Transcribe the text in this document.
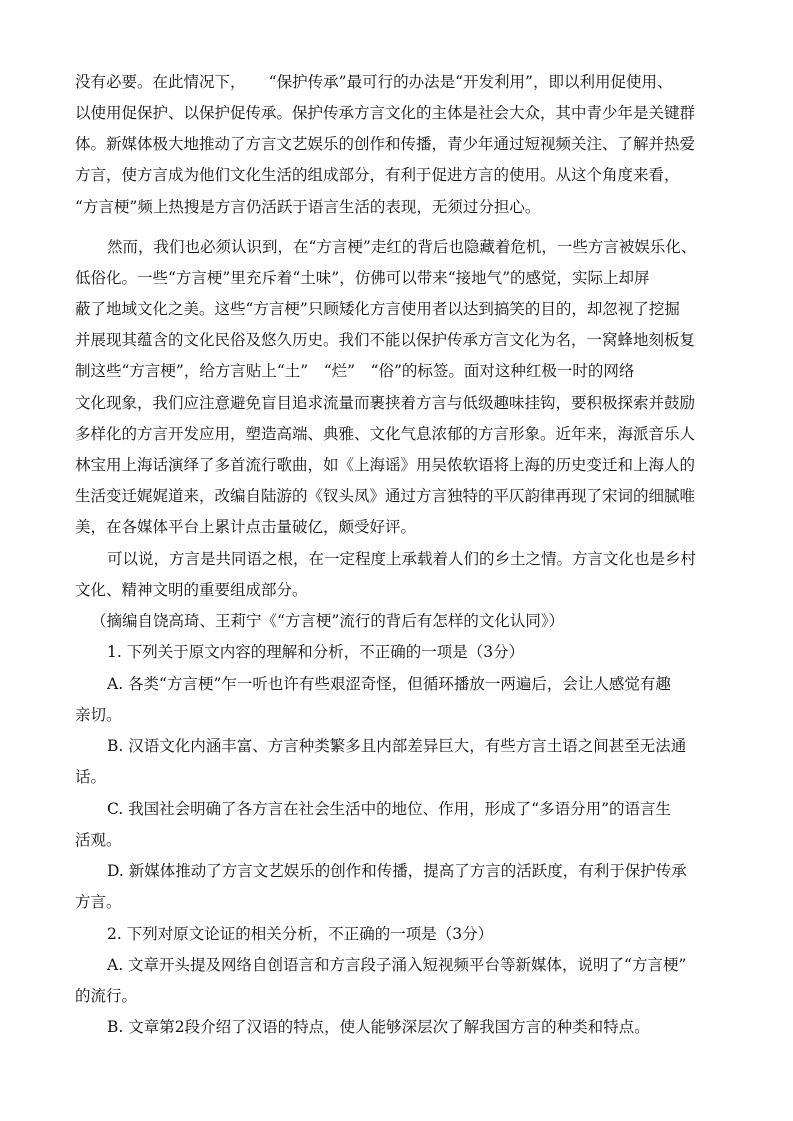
没有必要。在此情况下，　　“保护传承”最可行的办法是“开发利用”，即以利用促使用、
以使用促保护、以保护促传承。保护传承方言文化的主体是社会大众，其中青少年是关键群
体。新媒体极大地推动了方言文艺娱乐的创作和传播，青少年通过短视频关注、了解并热爱
方言，使方言成为他们文化生活的组成部分，有利于促进方言的使用。从这个角度来看，
“方言梗”频上热搜是方言仍活跃于语言生活的表现，无须过分担心。
然而，我们也必须认识到，在“方言梗”走红的背后也隐藏着危机，一些方言被娱乐化、
低俗化。一些“方言梗”里充斥着“土味”，仿佛可以带来“接地气”的感觉，实际上却屏
蔽了地域文化之美。这些“方言梗”只顾矮化方言使用者以达到搞笑的目的，却忽视了挖掘
并展现其蕴含的文化民俗及悠久历史。我们不能以保护传承方言文化为名，一窝蜂地刻板复
制这些“方言梗”，给方言贴上“土”　“烂”　“俗”的标签。面对这种红极一时的网络
文化现象，我们应注意避免盲目追求流量而裹挟着方言与低级趣味挂钩，要积极探索并鼓励
多样化的方言开发应用，塑造高端、典雅、文化气息浓郁的方言形象。近年来，海派音乐人
林宝用上海话演绎了多首流行歌曲，如《上海谣》用吴侬软语将上海的历史变迁和上海人的
生活变迁娓娓道来，改编自陆游的《钗头凤》通过方言独特的平仄韵律再现了宋词的细腻唯
美，在各媒体平台上累计点击量破亿，颇受好评。
可以说，方言是共同语之根，在一定程度上承载着人们的乡土之情。方言文化也是乡村
文化、精神文明的重要组成部分。
（摘编自饶高琦、王莉宁《“方言梗”流行的背后有怎样的文化认同》）
1. 下列关于原文内容的理解和分析，不正确的一项是（3分）
A. 各类“方言梗”乍一听也许有些艰涩奇怪，但循环播放一两遍后，会让人感觉有趣
亲切。
B. 汉语文化内涵丰富、方言种类繁多且内部差异巨大，有些方言土语之间甚至无法通
话。
C. 我国社会明确了各方言在社会生活中的地位、作用，形成了“多语分用”的语言生
活观。
D. 新媒体推动了方言文艺娱乐的创作和传播，提高了方言的活跃度，有利于保护传承
方言。
2. 下列对原文论证的相关分析，不正确的一项是（3分）
A. 文章开头提及网络自创语言和方言段子涌入短视频平台等新媒体，说明了“方言梗”
的流行。
B. 文章第2段介绍了汉语的特点，使人能够深层次了解我国方言的种类和特点。
